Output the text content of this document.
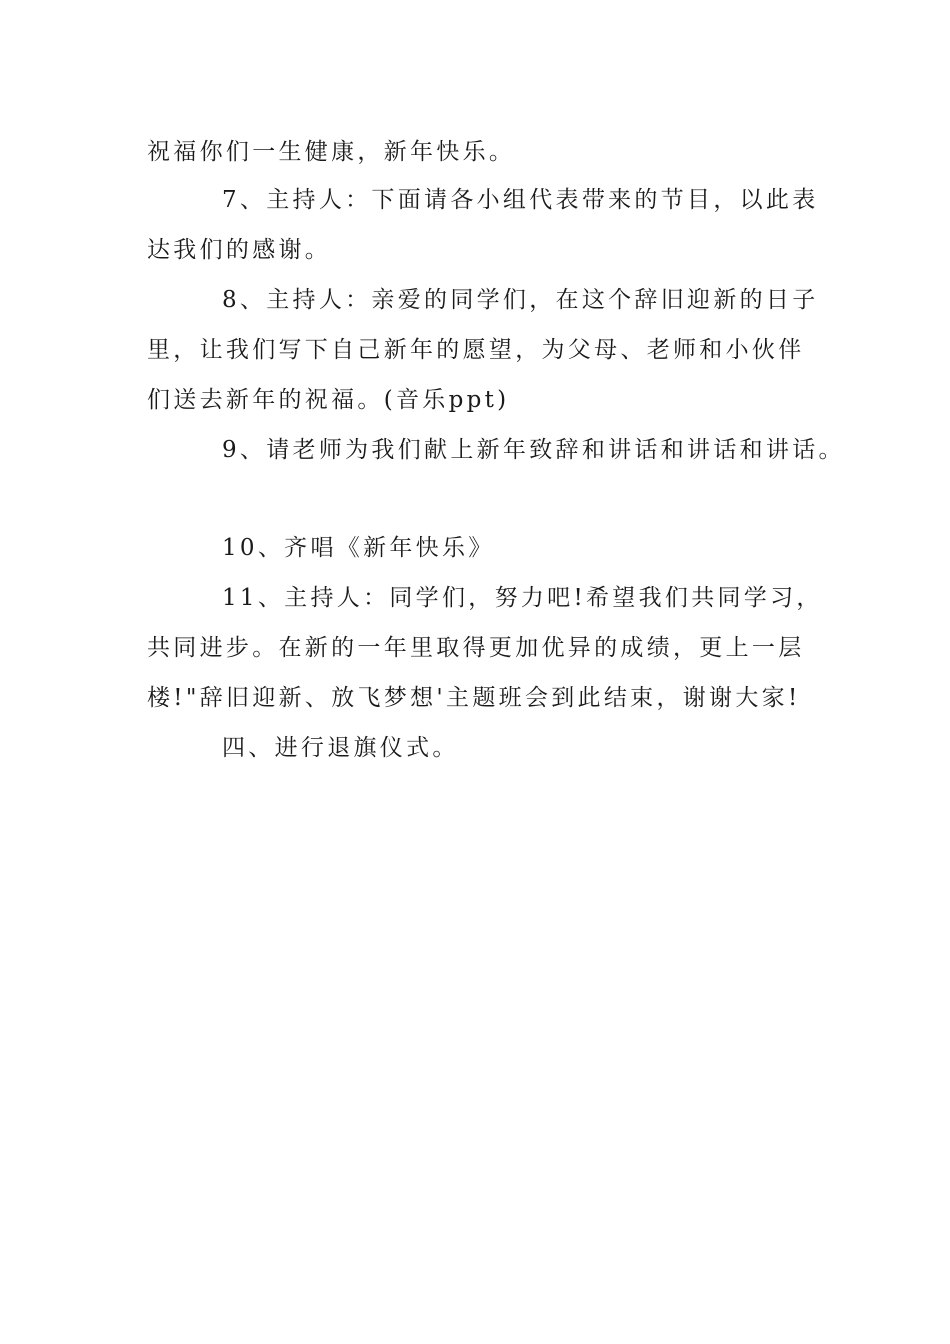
祝福你们一生健康，新年快乐。
7、主持人：下面请各小组代表带来的节目，以此表
达我们的感谢。
8、主持人：亲爱的同学们，在这个辞旧迎新的日子
里，让我们写下自己新年的愿望，为父母、老师和小伙伴
们送去新年的祝福。(音乐ppt)
9、请老师为我们献上新年致辞和讲话和讲话和讲话。
10、齐唱《新年快乐》
11、主持人：同学们，努力吧!希望我们共同学习，
共同进步。在新的一年里取得更加优异的成绩，更上一层
楼!"辞旧迎新、放飞梦想'主题班会到此结束，谢谢大家!
四、进行退旗仪式。
